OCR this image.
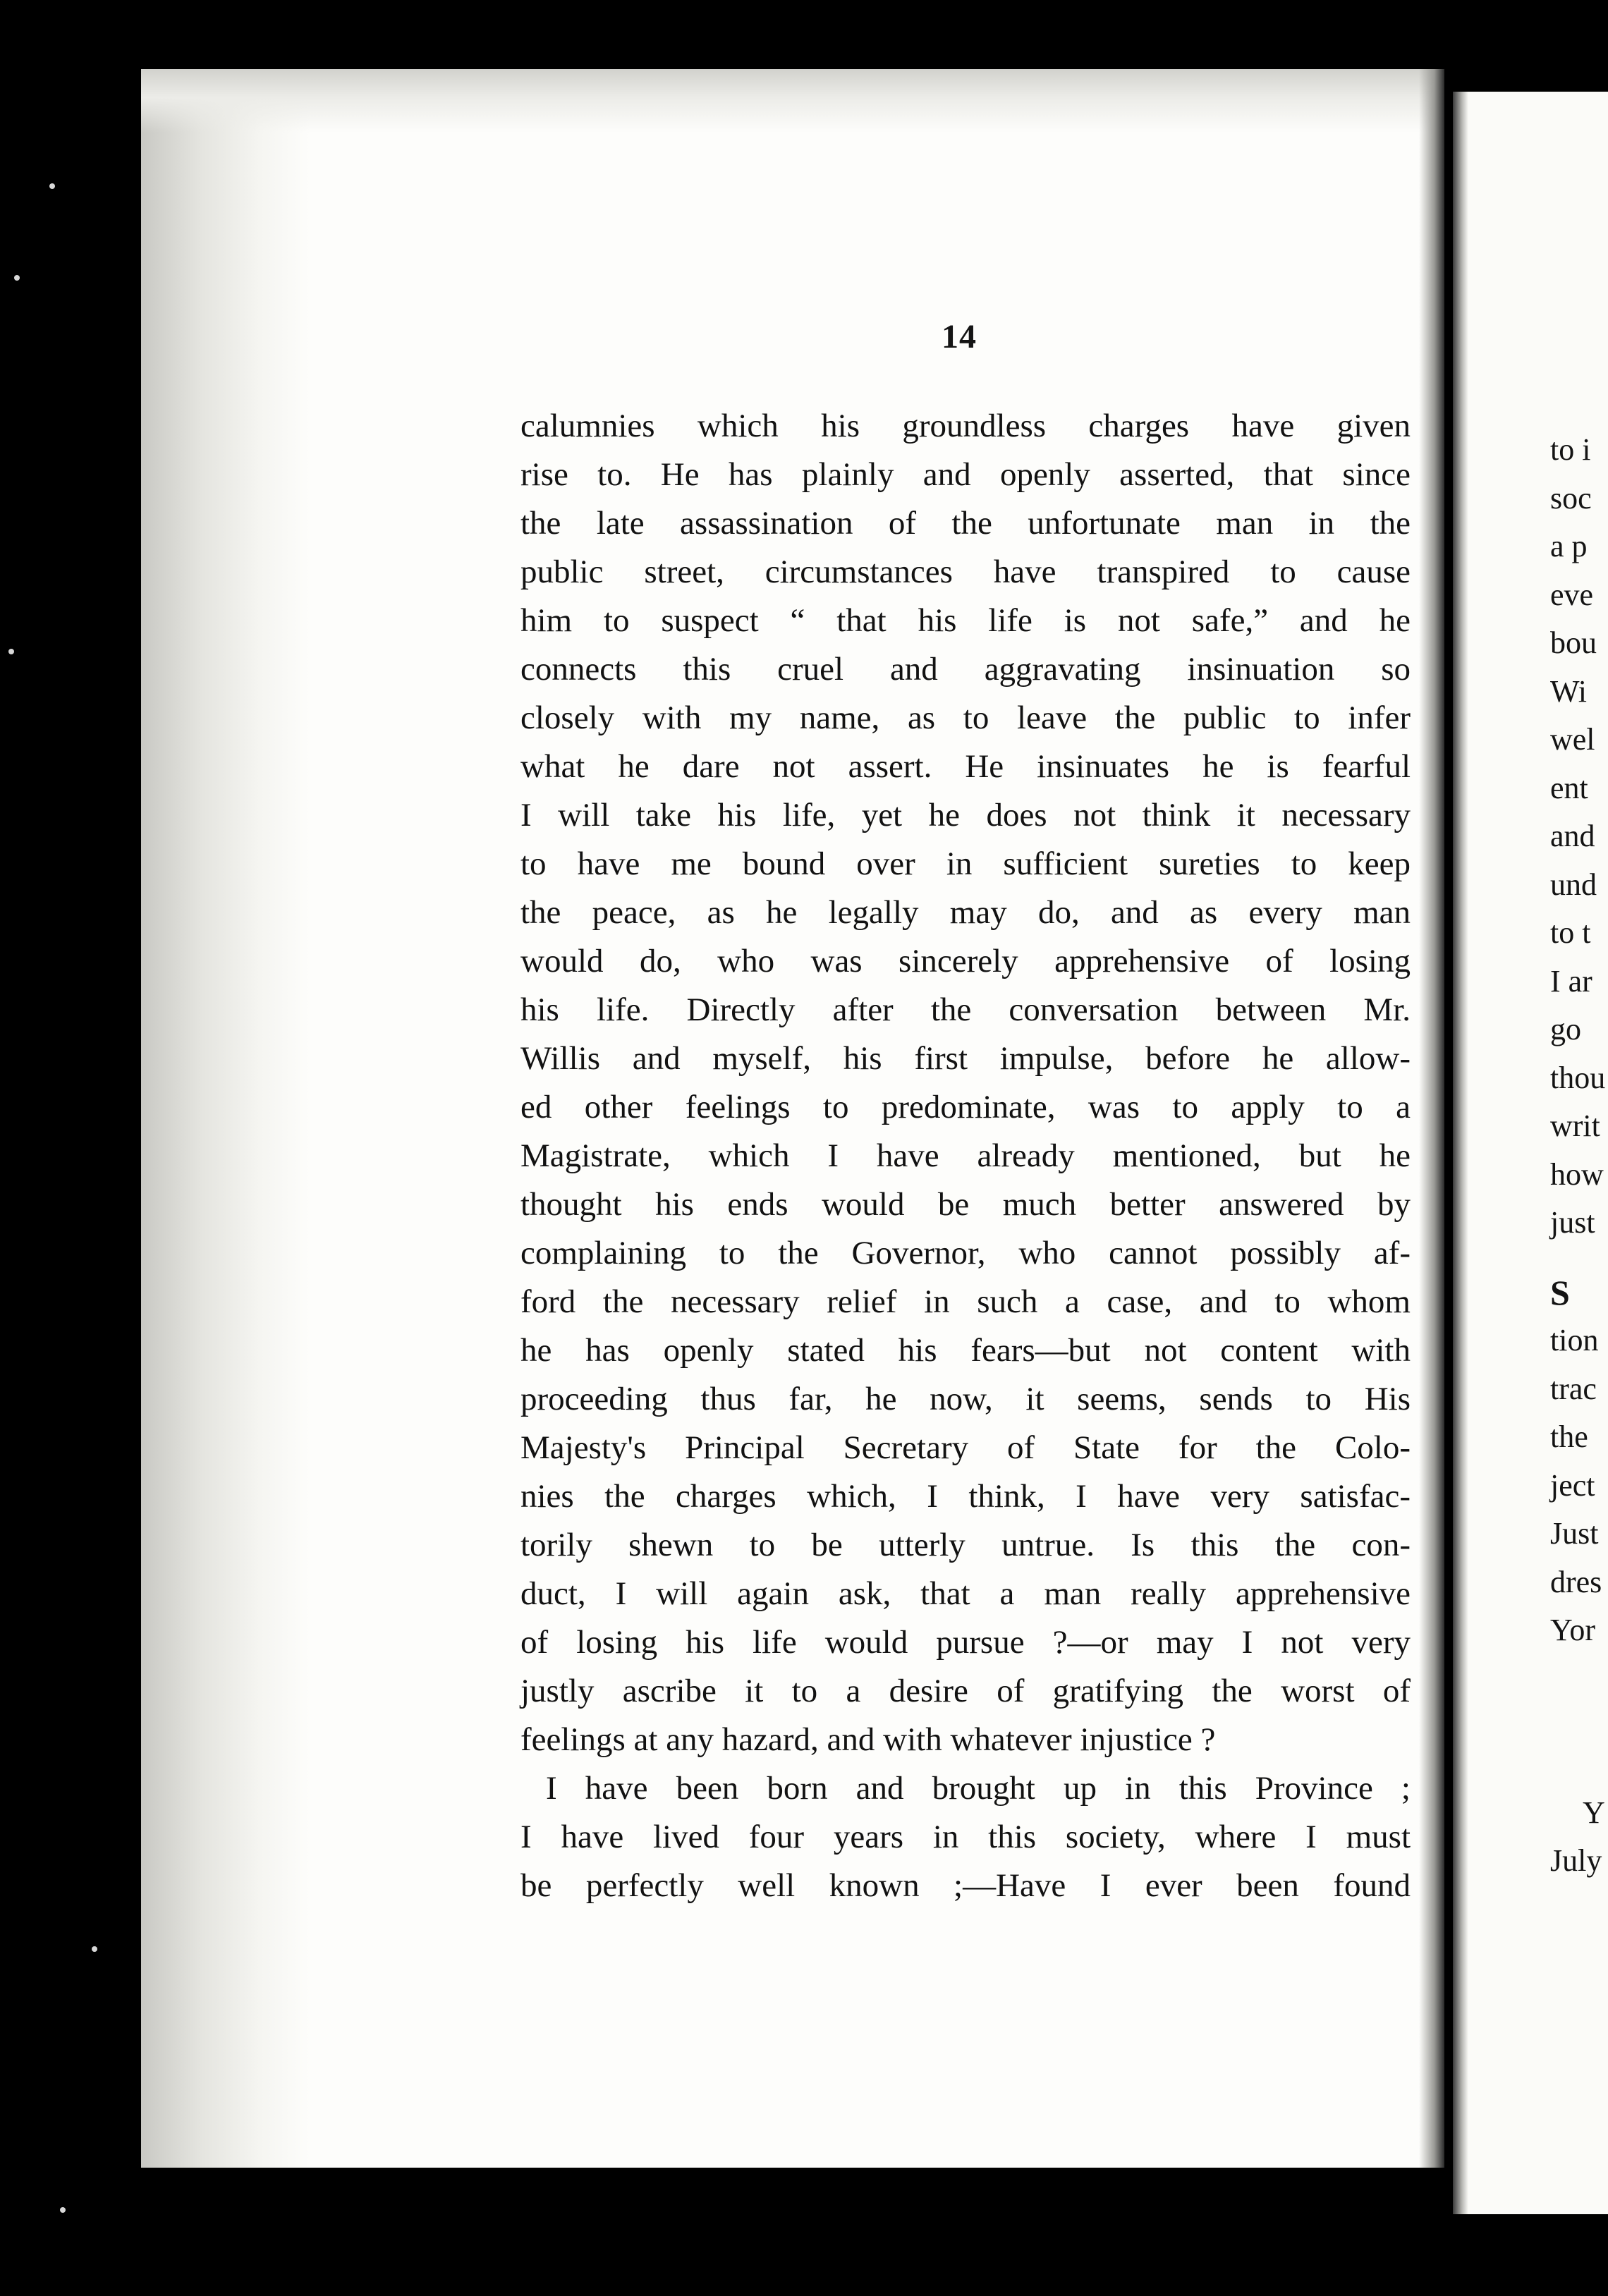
14
calumnies which his groundless charges have given
rise to. He has plainly and openly asserted, that since
the late assassination of the unfortunate man in the
public street, circumstances have transpired to cause
him to suspect “ that his life is not safe,” and he
connects this cruel and aggravating insinuation so
closely with my name, as to leave the public to infer
what he dare not assert. He insinuates he is fearful
I will take his life, yet he does not think it necessary
to have me bound over in sufficient sureties to keep
the peace, as he legally may do, and as every man
would do, who was sincerely apprehensive of losing
his life. Directly after the conversation between Mr.
Willis and myself, his first impulse, before he allow-
ed other feelings to predominate, was to apply to a
Magistrate, which I have already mentioned, but he
thought his ends would be much better answered by
complaining to the Governor, who cannot possibly af-
ford the necessary relief in such a case, and to whom
he has openly stated his fears—but not content with
proceeding thus far, he now, it seems, sends to His
Majesty's Principal Secretary of State for the Colo-
nies the charges which, I think, I have very satisfac-
torily shewn to be utterly untrue. Is this the con-
duct, I will again ask, that a man really apprehensive
of losing his life would pursue ?—or may I not very
justly ascribe it to a desire of gratifying the worst of
feelings at any hazard, and with whatever injustice ?
I have been born and brought up in this Province ;
I have lived four years in this society, where I must
be perfectly well known ;—Have I ever been found
to i
soc
a p
eve
bou
Wi
wel
ent
and
und
to t
I ar
go
thou
writ
how
just
S
tion
trac
the
ject
Just
dres
Yor
Y
July
